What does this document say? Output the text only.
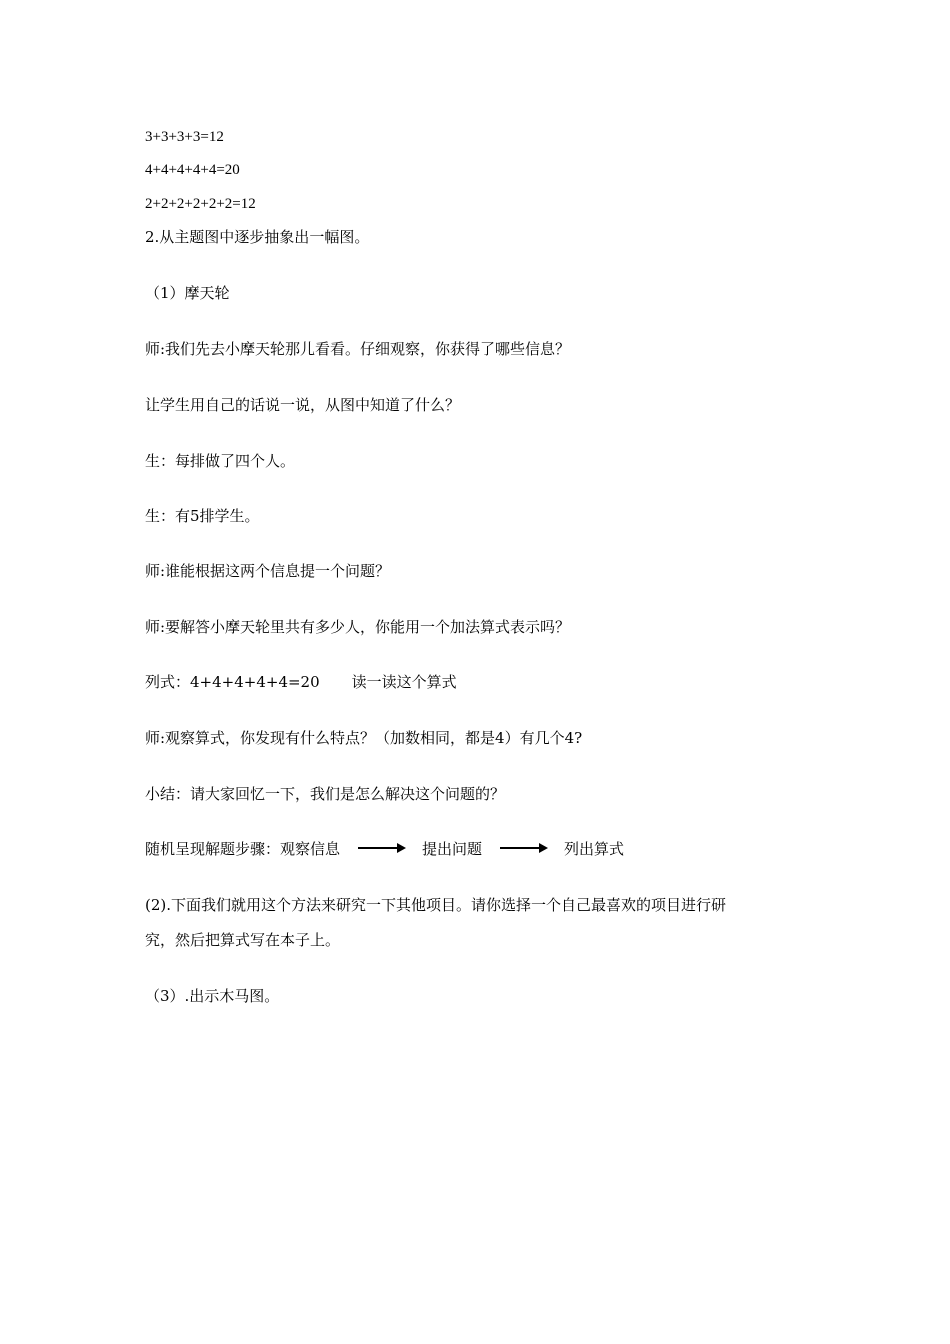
3+3+3+3=12
4+4+4+4+4=20
2+2+2+2+2+2=12
2.从主题图中逐步抽象出一幅图。
（1）摩天轮
师:我们先去小摩天轮那儿看看。仔细观察，你获得了哪些信息？
让学生用自己的话说一说，从图中知道了什么？
生：每排做了四个人。
生：有5排学生。
师:谁能根据这两个信息提一个问题？
师:要解答小摩天轮里共有多少人，你能用一个加法算式表示吗？
列式：4+4+4+4+4=20 读一读这个算式
师:观察算式，你发现有什么特点？（加数相同，都是4）有几个4?
小结：请大家回忆一下，我们是怎么解决这个问题的？
随机呈现解题步骤：观察信息	提出问题	列出算式
(2).下面我们就用这个方法来研究一下其他项目。请你选择一个自己最喜欢的项目进行研
究，然后把算式写在本子上。
（3）.出示木马图。
